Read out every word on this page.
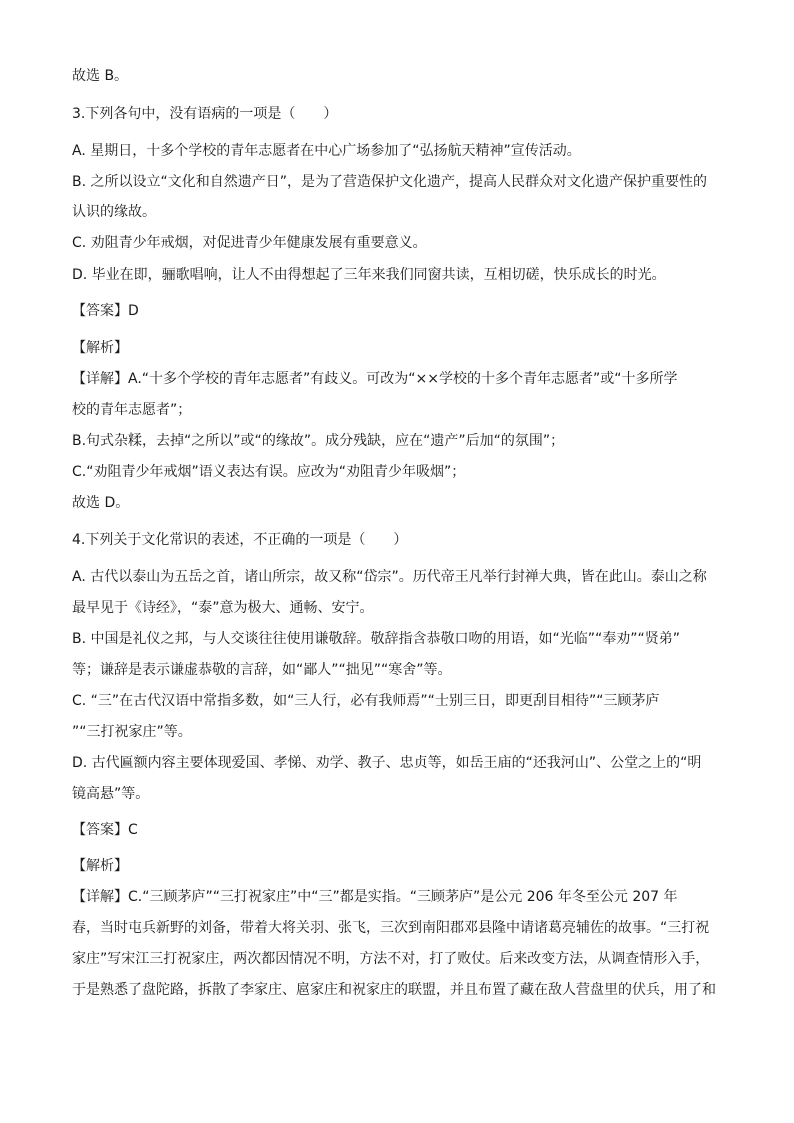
故选 B。
3.下列各句中，没有语病的一项是（　　）
A. 星期日，十多个学校的青年志愿者在中心广场参加了“弘扬航天精神”宣传活动。
B. 之所以设立“文化和自然遗产日”，是为了营造保护文化遗产，提高人民群众对文化遗产保护重要性的
认识的缘故。
C. 劝阻青少年戒烟，对促进青少年健康发展有重要意义。
D. 毕业在即，骊歌唱响，让人不由得想起了三年来我们同窗共读，互相切磋，快乐成长的时光。
【答案】D
【解析】
【详解】A.“十多个学校的青年志愿者”有歧义。可改为“××学校的十多个青年志愿者”或“十多所学
校的青年志愿者”；
B.句式杂糅，去掉“之所以”或“的缘故”。成分残缺，应在“遗产”后加“的氛围”；
C.“劝阻青少年戒烟”语义表达有误。应改为“劝阻青少年吸烟”；
故选 D。
4.下列关于文化常识的表述，不正确的一项是（　　）
A. 古代以泰山为五岳之首，诸山所宗，故又称“岱宗”。历代帝王凡举行封禅大典，皆在此山。泰山之称
最早见于《诗经》，“泰”意为极大、通畅、安宁。
B. 中国是礼仪之邦，与人交谈往往使用谦敬辞。敬辞指含恭敬口吻的用语，如“光临”“奉劝”“贤弟”
等；谦辞是表示谦虚恭敬的言辞，如“鄙人”“拙见”“寒舍”等。
C. “三”在古代汉语中常指多数，如“三人行，必有我师焉”“士别三日，即更刮目相待”“三顾茅庐
”“三打祝家庄”等。
D. 古代匾额内容主要体现爱国、孝悌、劝学、教子、忠贞等，如岳王庙的“还我河山”、公堂之上的“明
镜高悬”等。
【答案】C
【解析】
【详解】C.“三顾茅庐”“三打祝家庄”中“三”都是实指。“三顾茅庐”是公元 206 年冬至公元 207 年
春，当时屯兵新野的刘备，带着大将关羽、张飞，三次到南阳郡邓县隆中请诸葛亮辅佐的故事。“三打祝
家庄”写宋江三打祝家庄，两次都因情况不明，方法不对，打了败仗。后来改变方法，从调查情形入手，
于是熟悉了盘陀路，拆散了李家庄、扈家庄和祝家庄的联盟，并且布置了藏在敌人营盘里的伏兵，用了和
